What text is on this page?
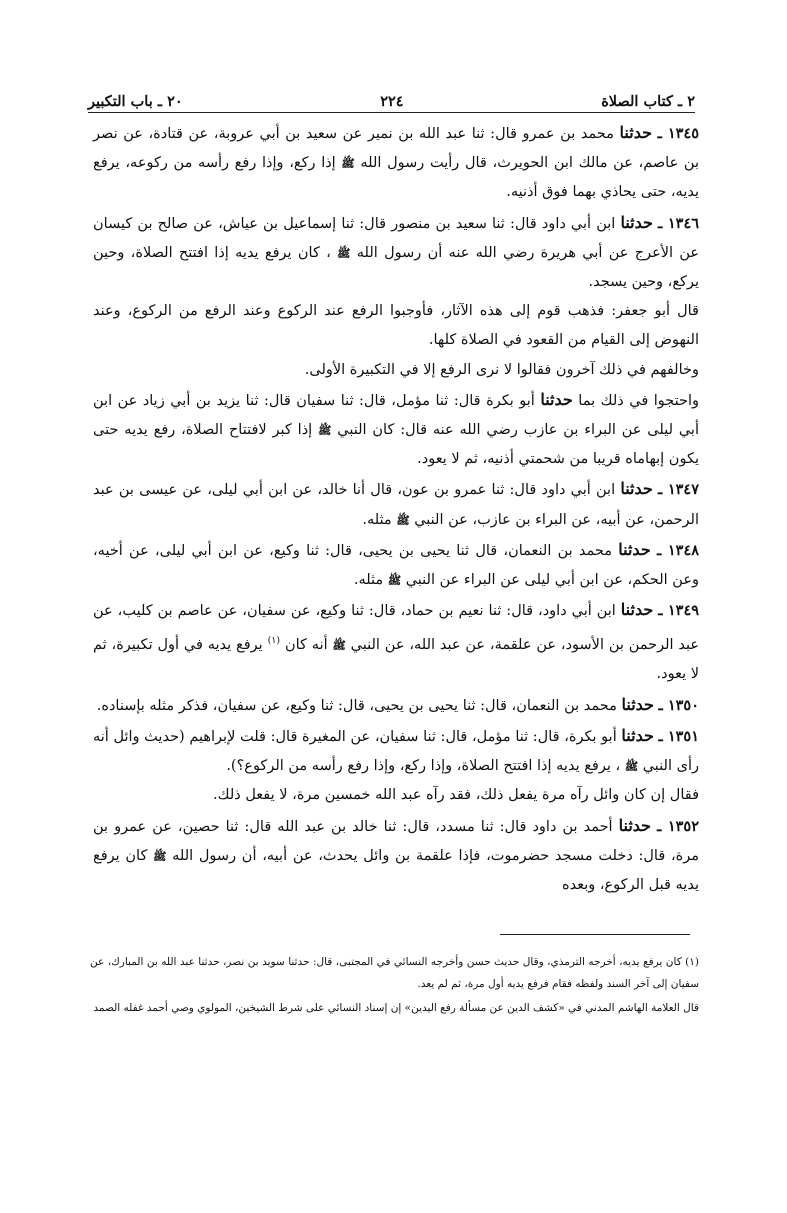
٢ ـ كتاب الصلاة
٢٢٤
٢٠ ـ باب التكبير

١٣٤٥ ـ حدثنا محمد بن عمرو قال: ثنا عبد الله بن نمير عن سعيد بن أبي عروبة، عن قتادة، عن نصر بن عاصم، عن مالك ابن الحويرث، قال رأيت رسول الله ﷺ إذا ركع، وإذا رفع رأسه من ركوعه، يرفع يديه، حتى يحاذي بهما فوق أذنيه.

١٣٤٦ ـ حدثنا ابن أبي داود قال: ثنا سعيد بن منصور قال: ثنا إسماعيل بن عياش، عن صالح بن كيسان عن الأعرج عن أبي هريرة رضي الله عنه أن رسول الله ﷺ ، كان يرفع يديه إذا افتتح الصلاة، وحين يركع، وحين يسجد.

قال أبو جعفر: فذهب قوم إلى هذه الآثار، فأوجبوا الرفع عند الركوع وعند الرفع من الركوع، وعند النهوض إلى القيام من القعود في الصلاة كلها.

وخالفهم في ذلك آخرون فقالوا لا نرى الرفع إلا في التكبيرة الأولى.

واحتجوا في ذلك بما حدثنا أبو بكرة قال: ثنا مؤمل، قال: ثنا سفيان قال: ثنا يزيد بن أبي زياد عن ابن أبي ليلى عن البراء بن عازب رضي الله عنه قال: كان النبي ﷺ إذا كبر لافتتاح الصلاة، رفع يديه حتى يكون إبهاماه قريبا من شحمتي أذنيه، ثم لا يعود.

١٣٤٧ ـ حدثنا ابن أبي داود قال: ثنا عمرو بن عون، قال أنا خالد، عن ابن أبي ليلى، عن عيسى بن عبد الرحمن، عن أبيه، عن البراء بن عازب، عن النبي ﷺ مثله.

١٣٤٨ ـ حدثنا محمد بن النعمان، قال ثنا يحيى بن يحيى، قال: ثنا وكيع، عن ابن أبي ليلى، عن أخيه، وعن الحكم، عن ابن أبي ليلى عن البراء عن النبي ﷺ مثله.

١٣٤٩ ـ حدثنا ابن أبي داود، قال: ثنا نعيم بن حماد، قال: ثنا وكيع، عن سفيان، عن عاصم بن كليب، عن عبد الرحمن بن الأسود، عن علقمة، عن عبد الله، عن النبي ﷺ أنه كان $^{(١)}$ يرفع يديه في أول تكبيرة، ثم لا يعود.

١٣٥٠ ـ حدثنا محمد بن النعمان، قال: ثنا يحيى بن يحيى، قال: ثنا وكيع، عن سفيان، فذكر مثله بإسناده.

١٣٥١ ـ حدثنا أبو بكرة، قال: ثنا مؤمل، قال: ثنا سفيان، عن المغيرة قال: قلت لإبراهيم (حديث وائل أنه رأى النبي ﷺ ، يرفع يديه إذا افتتح الصلاة، وإذا ركع، وإذا رفع رأسه من الركوع؟).

فقال إن كان وائل رآه مرة يفعل ذلك، فقد رآه عبد الله خمسين مرة، لا يفعل ذلك.

١٣٥٢ ـ حدثنا أحمد بن داود قال: ثنا مسدد، قال: ثنا خالد بن عبد الله قال: ثنا حصين، عن عمرو بن مرة، قال: دخلت مسجد حضرموت، فإذا علقمة بن وائل يحدث، عن أبيه، أن رسول الله ﷺ كان يرفع يديه قبل الركوع، وبعده

(١) كان يرفع يديه، أخرجه الترمذي، وقال حديث حسن وأخرجه النسائي في المجتبى، قال: حدثنا سويد بن نصر، حدثنا عبد الله بن المبارك، عن سفيان إلى آخر السند ولفظه فقام فرفع يديه أول مرة، ثم لم يعد.

قال العلامة الهاشم المدني في «كشف الدين عن مسألة رفع اليدين» إن إسناد النسائي على شرط الشيخين، المولوي وصي أحمد غفله الصمد
